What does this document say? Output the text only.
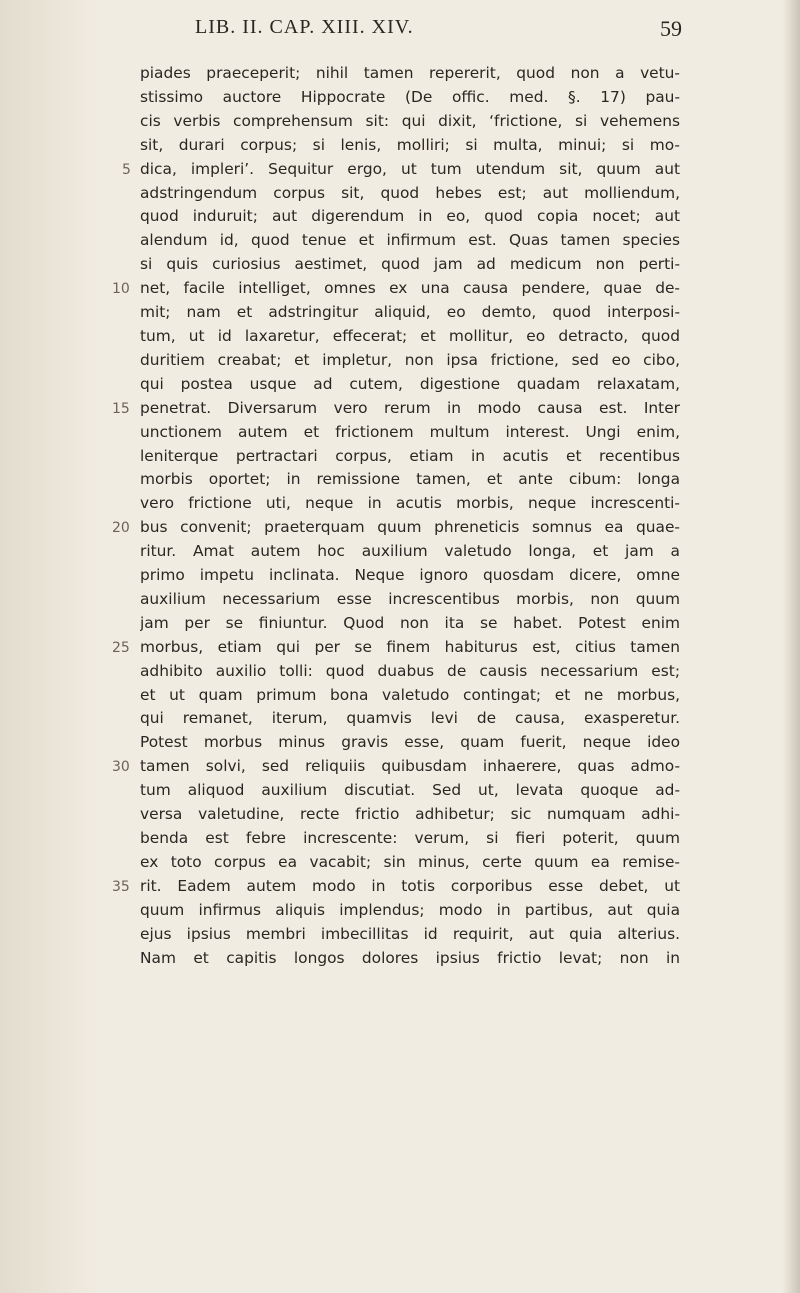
LIB. II. CAP. XIII. XIV.	59
piades praeceperit; nihil tamen repererit, quod non a vetu-
stissimo auctore Hippocrate (De offic. med. §. 17) pau-
cis verbis comprehensum sit: qui dixit, ‘frictione, si vehemens
sit, durari corpus; si lenis, molliri; si multa, minui; si mo-
dica, impleri’. Sequitur ergo, ut tum utendum sit, quum aut
adstringendum corpus sit, quod hebes est; aut molliendum,
quod induruit; aut digerendum in eo, quod copia nocet; aut
alendum id, quod tenue et infirmum est. Quas tamen species
si quis curiosius aestimet, quod jam ad medicum non perti-
net, facile intelliget, omnes ex una causa pendere, quae de-
mit; nam et adstringitur aliquid, eo demto, quod interposi-
tum, ut id laxaretur, effecerat; et mollitur, eo detracto, quod
duritiem creabat; et impletur, non ipsa frictione, sed eo cibo,
qui postea usque ad cutem, digestione quadam relaxatam,
penetrat. Diversarum vero rerum in modo causa est. Inter
unctionem autem et frictionem multum interest. Ungi enim,
leniterque pertractari corpus, etiam in acutis et recentibus
morbis oportet; in remissione tamen, et ante cibum: longa
vero frictione uti, neque in acutis morbis, neque increscenti-
bus convenit; praeterquam quum phreneticis somnus ea quae-
ritur. Amat autem hoc auxilium valetudo longa, et jam a
primo impetu inclinata. Neque ignoro quosdam dicere, omne
auxilium necessarium esse increscentibus morbis, non quum
jam per se finiuntur. Quod non ita se habet. Potest enim
morbus, etiam qui per se finem habiturus est, citius tamen
adhibito auxilio tolli: quod duabus de causis necessarium est;
et ut quam primum bona valetudo contingat; et ne morbus,
qui remanet, iterum, quamvis levi de causa, exasperetur.
Potest morbus minus gravis esse, quam fuerit, neque ideo
tamen solvi, sed reliquiis quibusdam inhaerere, quas admo-
tum aliquod auxilium discutiat. Sed ut, levata quoque ad-
versa valetudine, recte frictio adhibetur; sic numquam adhi-
benda est febre increscente: verum, si fieri poterit, quum
ex toto corpus ea vacabit; sin minus, certe quum ea remise-
rit. Eadem autem modo in totis corporibus esse debet, ut
quum infirmus aliquis implendus; modo in partibus, aut quia
ejus ipsius membri imbecillitas id requirit, aut quia alterius.
Nam et capitis longos dolores ipsius frictio levat; non in
5
10
15
20
25
30
35
